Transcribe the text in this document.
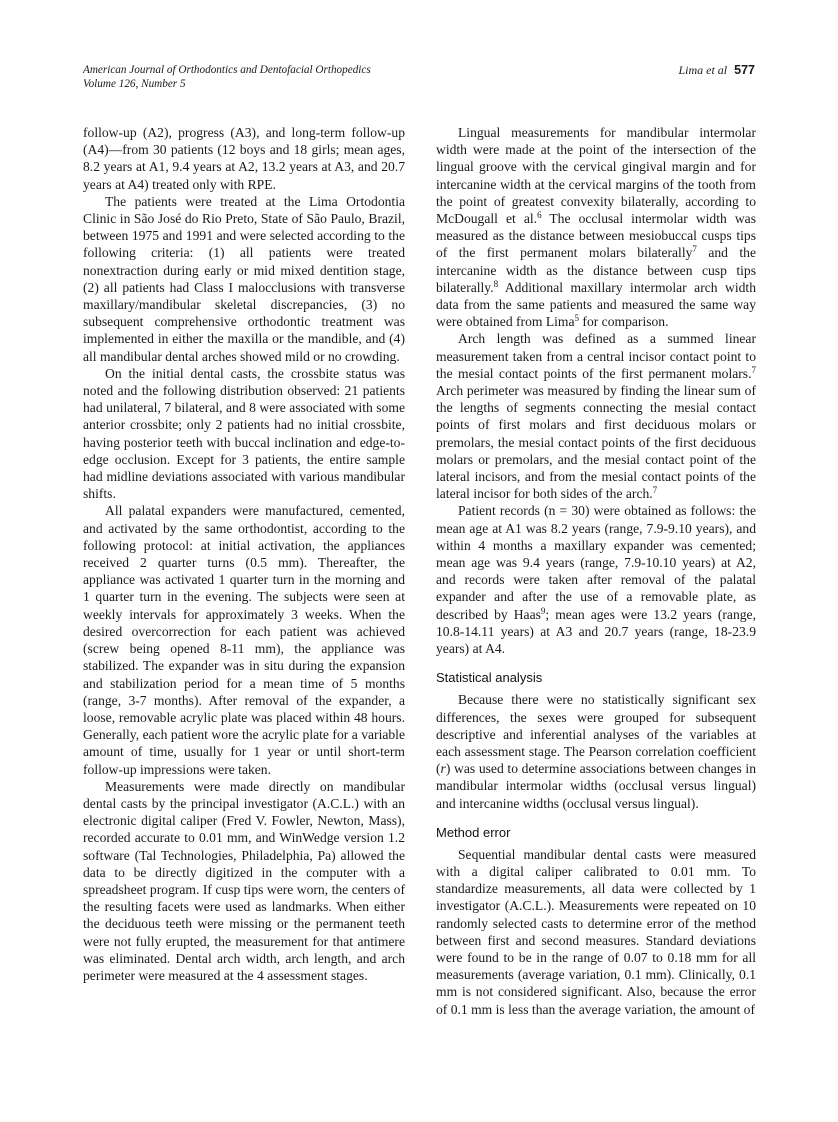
American Journal of Orthodontics and Dentofacial Orthopedics
Volume 126, Number 5
Lima et al 577

follow-up (A2), progress (A3), and long-term follow-up (A4)—from 30 patients (12 boys and 18 girls; mean ages, 8.2 years at A1, 9.4 years at A2, 13.2 years at A3, and 20.7 years at A4) treated only with RPE.

The patients were treated at the Lima Ortodontia Clinic in São José do Rio Preto, State of São Paulo, Brazil, between 1975 and 1991 and were selected according to the following criteria: (1) all patients were treated nonextraction during early or mid mixed dentition stage, (2) all patients had Class I malocclusions with transverse maxillary/mandibular skeletal discrepancies, (3) no subsequent comprehensive orthodontic treatment was implemented in either the maxilla or the mandible, and (4) all mandibular dental arches showed mild or no crowding.

On the initial dental casts, the crossbite status was noted and the following distribution observed: 21 patients had unilateral, 7 bilateral, and 8 were associated with some anterior crossbite; only 2 patients had no initial crossbite, having posterior teeth with buccal inclination and edge-to-edge occlusion. Except for 3 patients, the entire sample had midline deviations associated with various mandibular shifts.

All palatal expanders were manufactured, cemented, and activated by the same orthodontist, according to the following protocol: at initial activation, the appliances received 2 quarter turns (0.5 mm). Thereafter, the appliance was activated 1 quarter turn in the morning and 1 quarter turn in the evening. The subjects were seen at weekly intervals for approximately 3 weeks. When the desired overcorrection for each patient was achieved (screw being opened 8-11 mm), the appliance was stabilized. The expander was in situ during the expansion and stabilization period for a mean time of 5 months (range, 3-7 months). After removal of the expander, a loose, removable acrylic plate was placed within 48 hours. Generally, each patient wore the acrylic plate for a variable amount of time, usually for 1 year or until short-term follow-up impressions were taken.

Measurements were made directly on mandibular dental casts by the principal investigator (A.C.L.) with an electronic digital caliper (Fred V. Fowler, Newton, Mass), recorded accurate to 0.01 mm, and WinWedge version 1.2 software (Tal Technologies, Philadelphia, Pa) allowed the data to be directly digitized in the computer with a spreadsheet program. If cusp tips were worn, the centers of the resulting facets were used as landmarks. When either the deciduous teeth were missing or the permanent teeth were not fully erupted, the measurement for that antimere was eliminated. Dental arch width, arch length, and arch perimeter were measured at the 4 assessment stages.

Lingual measurements for mandibular intermolar width were made at the point of the intersection of the lingual groove with the cervical gingival margin and for intercanine width at the cervical margins of the tooth from the point of greatest convexity bilaterally, according to McDougall et al.$^6$ The occlusal intermolar width was measured as the distance between mesiobuccal cusps tips of the first permanent molars bilaterally$^7$ and the intercanine width as the distance between cusp tips bilaterally.$^8$ Additional maxillary intermolar arch width data from the same patients and measured the same way were obtained from Lima$^5$ for comparison.

Arch length was defined as a summed linear measurement taken from a central incisor contact point to the mesial contact points of the first permanent molars.$^7$ Arch perimeter was measured by finding the linear sum of the lengths of segments connecting the mesial contact points of first molars and first deciduous molars or premolars, the mesial contact points of the first deciduous molars or premolars, and the mesial contact point of the lateral incisors, and from the mesial contact points of the lateral incisor for both sides of the arch.$^7$

Patient records (n = 30) were obtained as follows: the mean age at A1 was 8.2 years (range, 7.9-9.10 years), and within 4 months a maxillary expander was cemented; mean age was 9.4 years (range, 7.9-10.10 years) at A2, and records were taken after removal of the palatal expander and after the use of a removable plate, as described by Haas$^9$; mean ages were 13.2 years (range, 10.8-14.11 years) at A3 and 20.7 years (range, 18-23.9 years) at A4.

Statistical analysis

Because there were no statistically significant sex differences, the sexes were grouped for subsequent descriptive and inferential analyses of the variables at each assessment stage. The Pearson correlation coefficient (r) was used to determine associations between changes in mandibular intermolar widths (occlusal versus lingual) and intercanine widths (occlusal versus lingual).

Method error

Sequential mandibular dental casts were measured with a digital caliper calibrated to 0.01 mm. To standardize measurements, all data were collected by 1 investigator (A.C.L.). Measurements were repeated on 10 randomly selected casts to determine error of the method between first and second measures. Standard deviations were found to be in the range of 0.07 to 0.18 mm for all measurements (average variation, 0.1 mm). Clinically, 0.1 mm is not considered significant. Also, because the error of 0.1 mm is less than the average variation, the amount of
